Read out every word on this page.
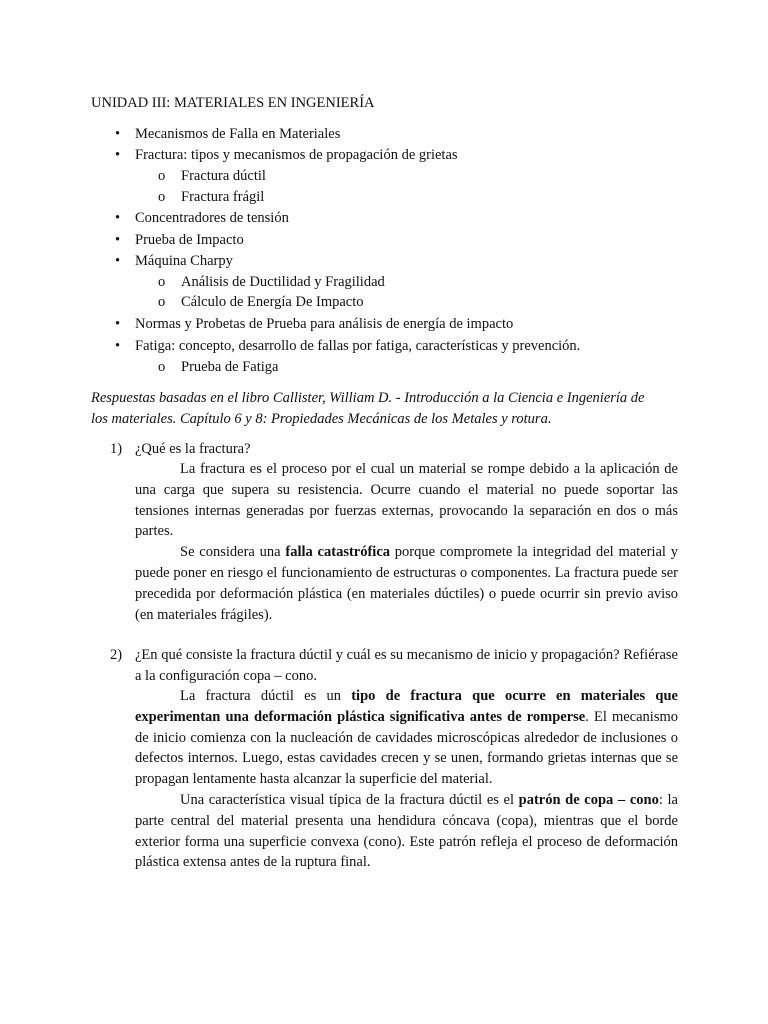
UNIDAD III: MATERIALES EN INGENIERÍA
• Mecanismos de Falla en Materiales
• Fractura: tipos y mecanismos de propagación de grietas
o Fractura dúctil
o Fractura frágil
• Concentradores de tensión
• Prueba de Impacto
• Máquina Charpy
o Análisis de Ductilidad y Fragilidad
o Cálculo de Energía De Impacto
• Normas y Probetas de Prueba para análisis de energía de impacto
• Fatiga: concepto, desarrollo de fallas por fatiga, características y prevención.
o Prueba de Fatiga
Respuestas basadas en el libro Callister, William D. - Introducción a la Ciencia e Ingeniería de
los materiales. Capítulo 6 y 8: Propiedades Mecánicas de los Metales y rotura.
1) ¿Qué es la fractura?
La fractura es el proceso por el cual un material se rompe debido a la aplicación de una carga que supera su resistencia. Ocurre cuando el material no puede soportar las tensiones internas generadas por fuerzas externas, provocando la separación en dos o más partes.
Se considera una falla catastrófica porque compromete la integridad del material y puede poner en riesgo el funcionamiento de estructuras o componentes. La fractura puede ser precedida por deformación plástica (en materiales dúctiles) o puede ocurrir sin previo aviso (en materiales frágiles).
2) ¿En qué consiste la fractura dúctil y cuál es su mecanismo de inicio y propagación? Refiérase a la configuración copa – cono.
La fractura dúctil es un tipo de fractura que ocurre en materiales que experimentan una deformación plástica significativa antes de romperse. El mecanismo de inicio comienza con la nucleación de cavidades microscópicas alrededor de inclusiones o defectos internos. Luego, estas cavidades crecen y se unen, formando grietas internas que se propagan lentamente hasta alcanzar la superficie del material.
Una característica visual típica de la fractura dúctil es el patrón de copa – cono: la parte central del material presenta una hendidura cóncava (copa), mientras que el borde exterior forma una superficie convexa (cono). Este patrón refleja el proceso de deformación plástica extensa antes de la ruptura final.
